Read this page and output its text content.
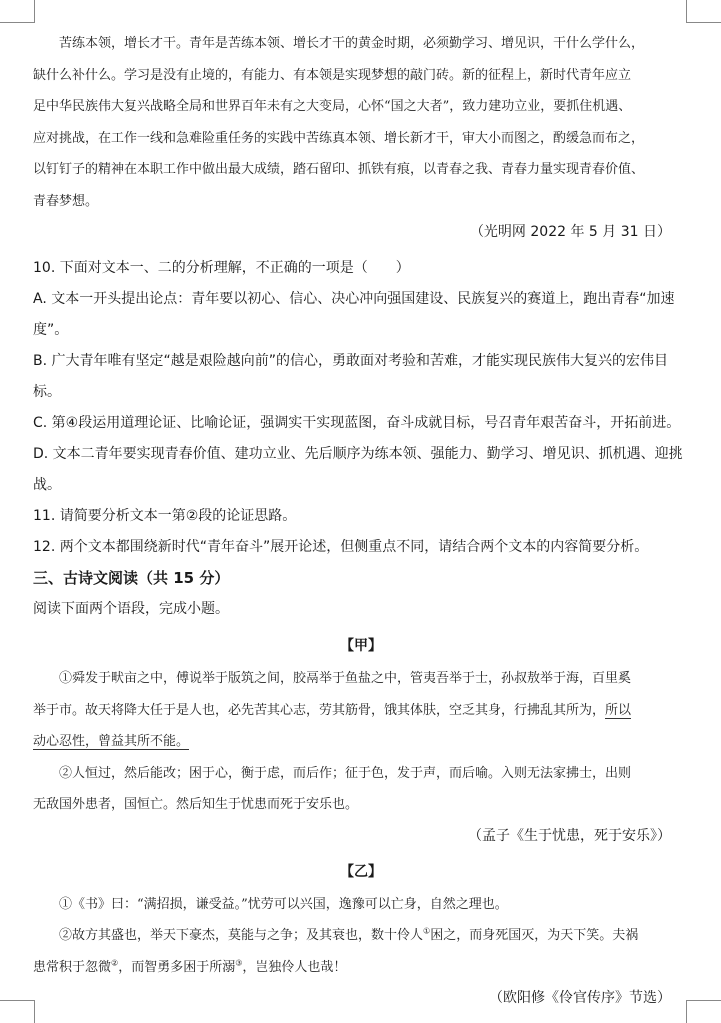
苦练本领，增长才干。青年是苦练本领、增长才干的黄金时期，必须勤学习、增见识，干什么学什么，

缺什么补什么。学习是没有止境的，有能力、有本领是实现梦想的敲门砖。新的征程上，新时代青年应立
足中华民族伟大复兴战略全局和世界百年未有之大变局，心怀“国之大者”，致力建功立业，要抓住机遇、
应对挑战，在工作一线和急难险重任务的实践中苦练真本领、增长新才干，审大小而图之，酌缓急而布之，
以钉钉子的精神在本职工作中做出最大成绩，踏石留印、抓铁有痕，以青春之我、青春力量实现青春价值、
青春梦想。
（光明网 2022 年 5 月 31 日）
10. 下面对文本一、二的分析理解，不正确的一项是（　　）
A. 文本一开头提出论点：青年要以初心、信心、决心冲向强国建设、民族复兴的赛道上，跑出青春“加速
度”。
B. 广大青年唯有坚定“越是艰险越向前”的信心，勇敢面对考验和苦难，才能实现民族伟大复兴的宏伟目
标。
C. 第④段运用道理论证、比喻论证，强调实干实现蓝图，奋斗成就目标，号召青年艰苦奋斗，开拓前进。
D. 文本二青年要实现青春价值、建功立业、先后顺序为练本领、强能力、勤学习、增见识、抓机遇、迎挑
战。
11. 请简要分析文本一第②段的论证思路。
12. 两个文本都围绕新时代“青年奋斗”展开论述，但侧重点不同，请结合两个文本的内容简要分析。
三、古诗文阅读（共 15 分）
阅读下面两个语段，完成小题。
【甲】

①舜发于畎亩之中，傅说举于版筑之间，胶鬲举于鱼盐之中，管夷吾举于士，孙叔敖举于海，百里奚

举于市。故天将降大任于是人也，必先苦其心志，劳其筋骨，饿其体肤，空乏其身，行拂乱其所为，所以
动心忍性，曾益其所不能。

②人恒过，然后能改；困于心，衡于虑，而后作；征于色，发于声，而后喻。入则无法家拂士，出则

无敌国外患者，国恒亡。然后知生于忧患而死于安乐也。
（孟子《生于忧患，死于安乐》）
【乙】

①《书》曰：“满招损，谦受益。”忧劳可以兴国，逸豫可以亡身，自然之理也。

②故方其盛也，举天下豪杰，莫能与之争；及其衰也，数十伶人①困之，而身死国灭，为天下笑。夫祸

患常积于忽微②，而智勇多困于所溺③，岂独伶人也哉！
（欧阳修《伶官传序》节选）
